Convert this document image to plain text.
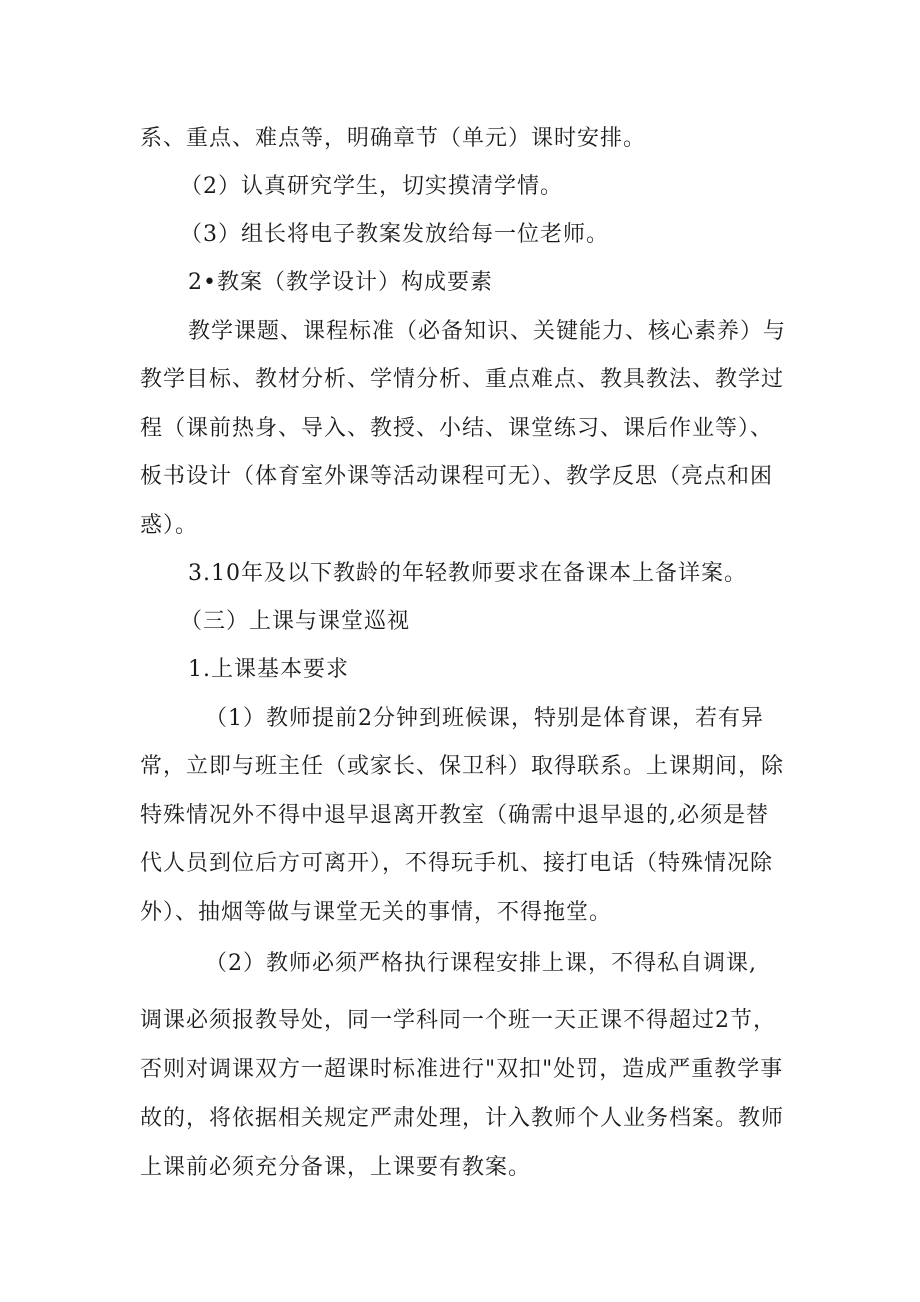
系、重点、难点等，明确章节（单元）课时安排。
（2）认真研究学生，切实摸清学情。
（3）组长将电子教案发放给每一位老师。
2•教案（教学设计）构成要素
教学课题、课程标准（必备知识、关键能力、核心素养）与
教学目标、教材分析、学情分析、重点难点、教具教法、教学过
程（课前热身、导入、教授、小结、课堂练习、课后作业等）、
板书设计（体育室外课等活动课程可无）、教学反思（亮点和困
惑）。
3.10年及以下教龄的年轻教师要求在备课本上备详案。
（三）上课与课堂巡视
1.上课基本要求
（1）教师提前2分钟到班候课，特别是体育课，若有异
常，立即与班主任（或家长、保卫科）取得联系。上课期间，除
特殊情况外不得中退早退离开教室（确需中退早退的,必须是替
代人员到位后方可离开），不得玩手机、接打电话（特殊情况除
外）、抽烟等做与课堂无关的事情，不得拖堂。
（2）教师必须严格执行课程安排上课，不得私自调课,
调课必须报教导处，同一学科同一个班一天正课不得超过2节，
否则对调课双方一超课时标准进行"双扣"处罚，造成严重教学事
故的，将依据相关规定严肃处理，计入教师个人业务档案。教师
上课前必须充分备课，上课要有教案。
